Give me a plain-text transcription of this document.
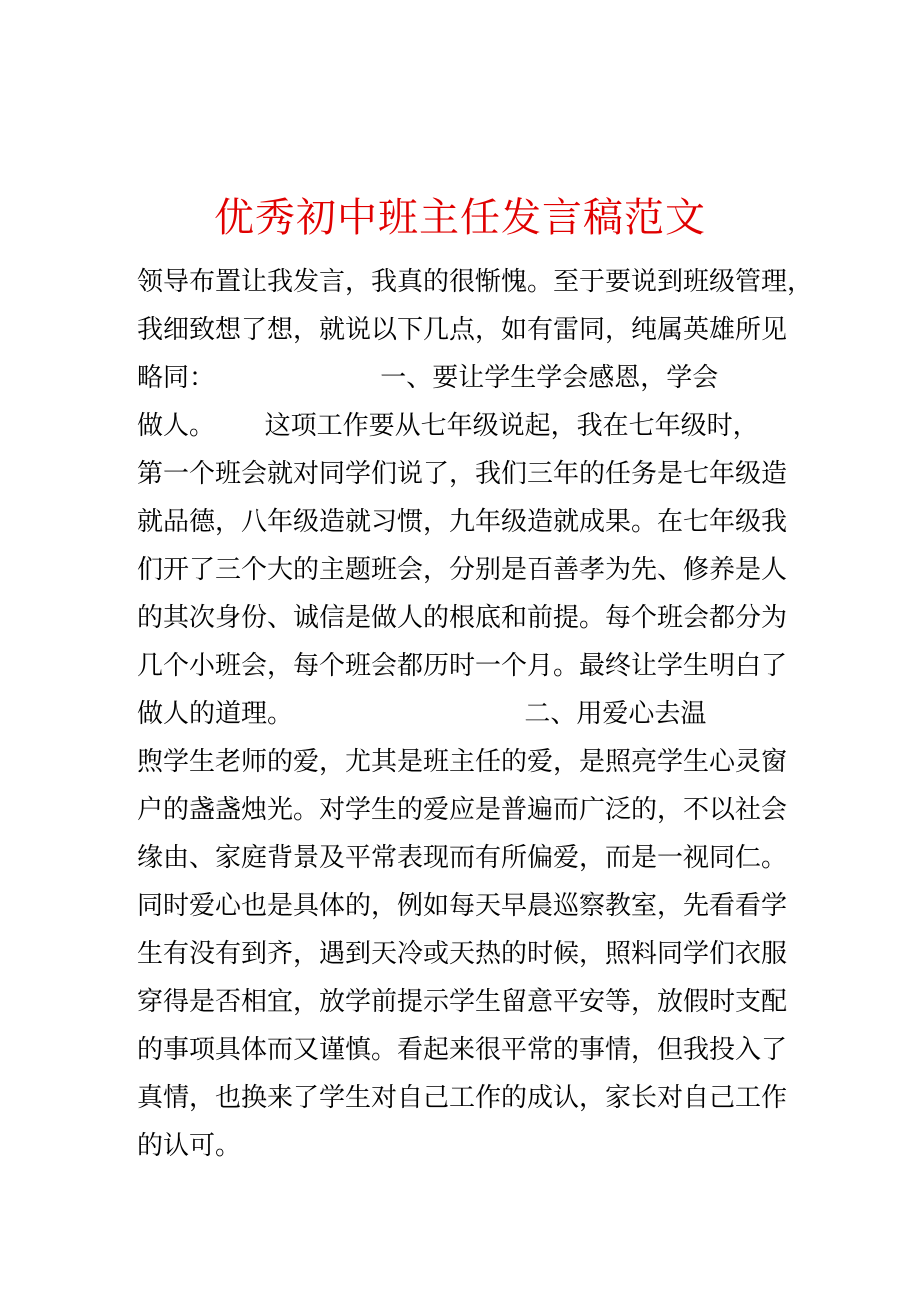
优秀初中班主任发言稿范文
领导布置让我发言，我真的很惭愧。至于要说到班级管理，
我细致想了想，就说以下几点，如有雷同，纯属英雄所见
略同：                    一、要让学生学会感恩，学会
做人。      这项工作要从七年级说起，我在七年级时，
第一个班会就对同学们说了，我们三年的任务是七年级造
就品德，八年级造就习惯，九年级造就成果。在七年级我
们开了三个大的主题班会，分别是百善孝为先、修养是人
的其次身份、诚信是做人的根底和前提。每个班会都分为
几个小班会，每个班会都历时一个月。最终让学生明白了
做人的道理。                            二、用爱心去温
煦学生老师的爱，尤其是班主任的爱，是照亮学生心灵窗
户的盏盏烛光。对学生的爱应是普遍而广泛的，不以社会
缘由、家庭背景及平常表现而有所偏爱，而是一视同仁。
同时爱心也是具体的，例如每天早晨巡察教室，先看看学
生有没有到齐，遇到天冷或天热的时候，照料同学们衣服
穿得是否相宜，放学前提示学生留意平安等，放假时支配
的事项具体而又谨慎。看起来很平常的事情，但我投入了
真情，也换来了学生对自己工作的成认，家长对自己工作
的认可。
